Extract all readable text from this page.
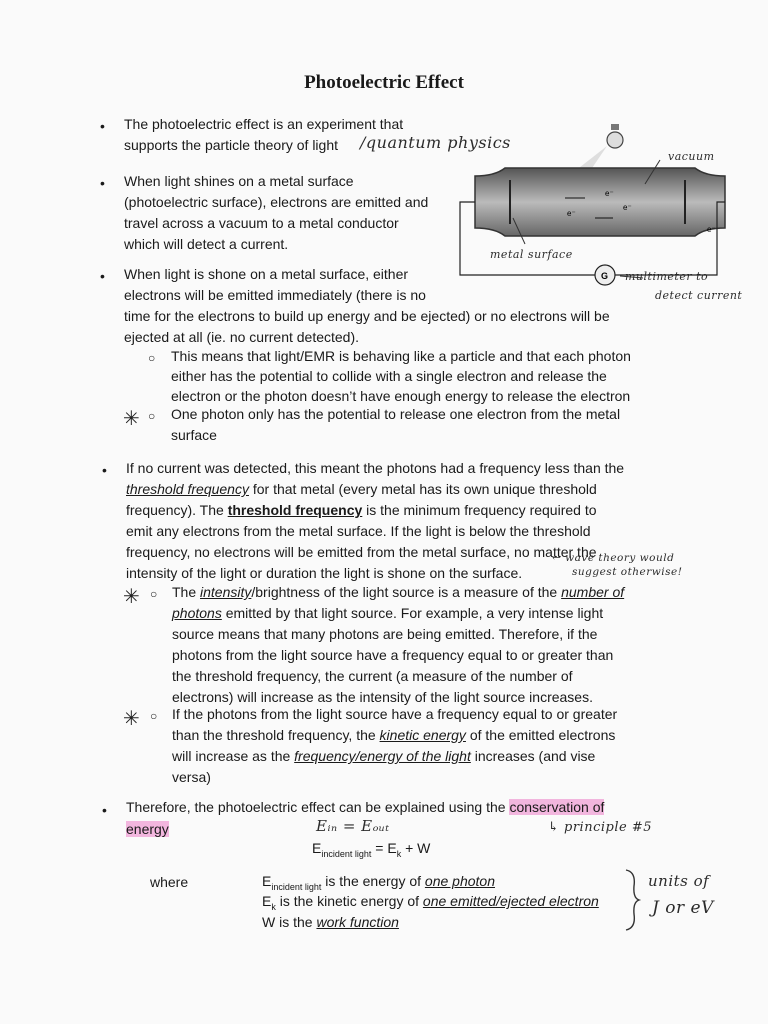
Photoelectric Effect
• The photoelectric effect is an experiment that
supports the particle theory of light /quantum physics
• When light shines on a metal surface
(photoelectric surface), electrons are emitted and
travel across a vacuum to a metal conductor
which will detect a current.
e⁻
e⁻
e⁻
e⁻
G
vacuum
metal surface
multimeter to
detect current
• When light is shone on a metal surface, either
electrons will be emitted immediately (there is no
time for the electrons to build up energy and be ejected) or no electrons will be
ejected at all (ie. no current detected).
○ This means that light/EMR is behaving like a particle and that each photon
either has the potential to collide with a single electron and release the
electron or the photon doesn’t have enough energy to release the electron
✳ ○ One photon only has the potential to release one electron from the metal
surface
• If no current was detected, this meant the photons had a frequency less than the
threshold frequency for that metal (every metal has its own unique threshold
frequency). The threshold frequency is the minimum frequency required to
emit any electrons from the metal surface. If the light is below the threshold
frequency, no electrons will be emitted from the metal surface, no matter the
intensity of the light or duration the light is shone on the surface.
← wave theory would
suggest otherwise!
✳ ○ The intensity/brightness of the light source is a measure of the number of
photons emitted by that light source. For example, a very intense light
source means that many photons are being emitted. Therefore, if the
photons from the light source have a frequency equal to or greater than
the threshold frequency, the current (a measure of the number of
electrons) will increase as the intensity of the light source increases.
✳ ○ If the photons from the light source have a frequency equal to or greater
than the threshold frequency, the kinetic energy of the emitted electrons
will increase as the frequency/energy of the light increases (and vise
versa)
• Therefore, the photoelectric effect can be explained using the conservation of
energy	Eᵢₙ = Eₒᵤₜ	↳ principle #5
$E_{incident light} = E_k + W$
where	$E_{incident light}$ is the energy of one photon
$E_k$ is the kinetic energy of one emitted/ejected electron
W is the work function
units of
J or eV
